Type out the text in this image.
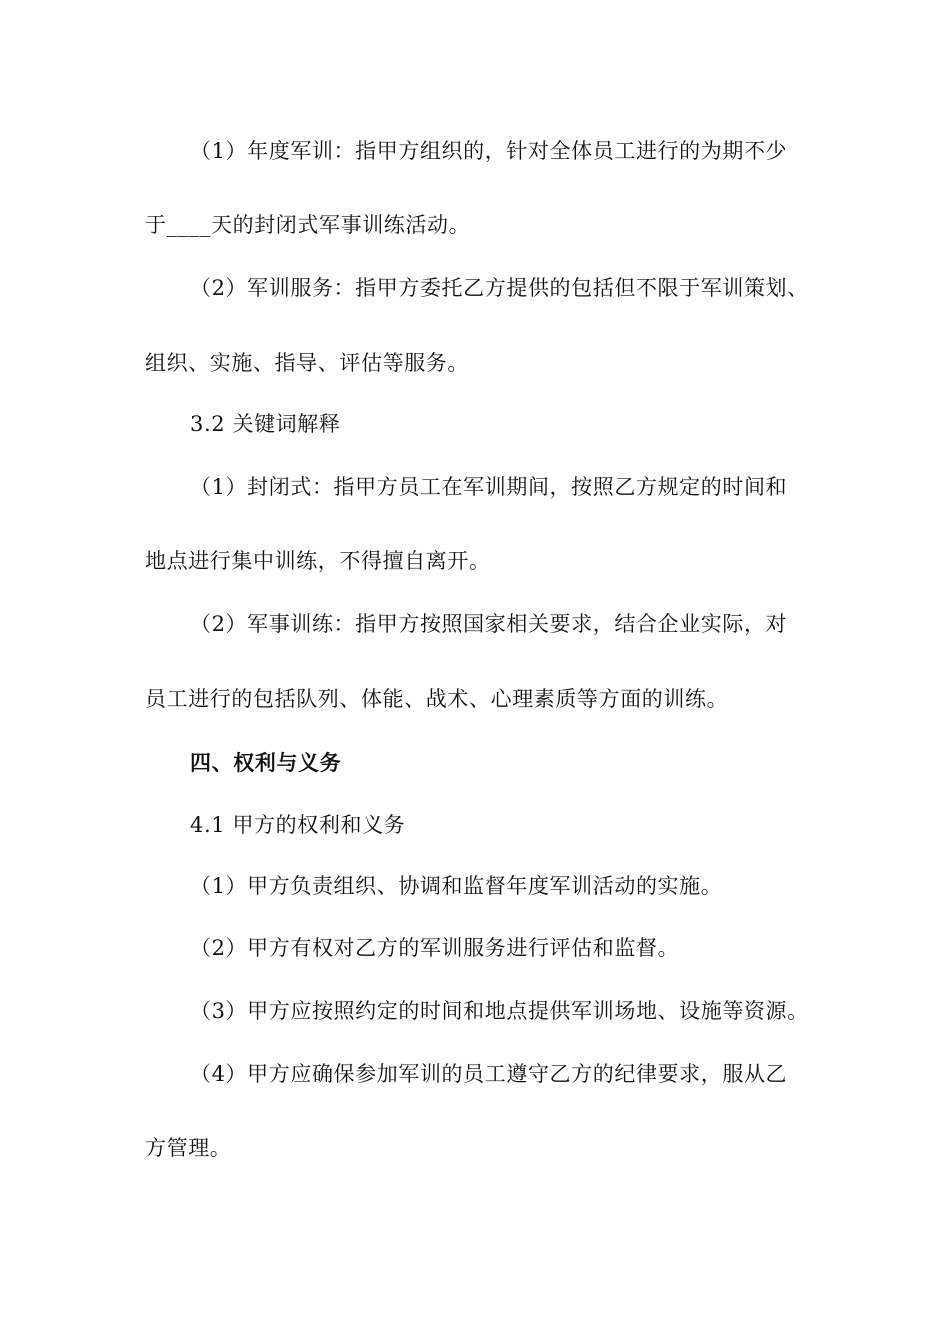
（1）年度军训：指甲方组织的，针对全体员工进行的为期不少
于____天的封闭式军事训练活动。
（2）军训服务：指甲方委托乙方提供的包括但不限于军训策划、
组织、实施、指导、评估等服务。
3.2 关键词解释
（1）封闭式：指甲方员工在军训期间，按照乙方规定的时间和
地点进行集中训练，不得擅自离开。
（2）军事训练：指甲方按照国家相关要求，结合企业实际，对
员工进行的包括队列、体能、战术、心理素质等方面的训练。
四、权利与义务
4.1 甲方的权利和义务
（1）甲方负责组织、协调和监督年度军训活动的实施。
（2）甲方有权对乙方的军训服务进行评估和监督。
（3）甲方应按照约定的时间和地点提供军训场地、设施等资源。
（4）甲方应确保参加军训的员工遵守乙方的纪律要求，服从乙
方管理。
